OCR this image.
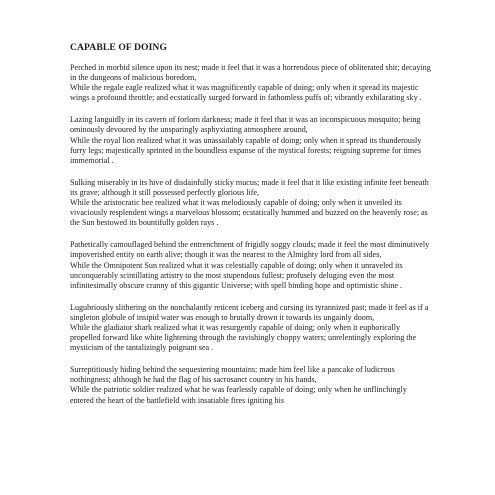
CAPABLE OF DOING

Perched in morbid silence upon its nest; made it feel that it was a horrendous piece of obliterated shit; decaying in the dungeons of malicious boredom,

While the regale eagle realized what it was magnificently capable of doing; only when it spread its majestic wings a profound throttle; and ecstatically surged forward in fathomless puffs of; vibrantly exhilarating sky .

Lazing languidly in its cavern of forlorn darkness; made it feel that it was an inconspicuous mosquito; being ominously devoured by the unsparingly asphyxiating atmosphere around,

While the royal lion realized what it was unassailably capable of doing; only when it spread its thunderously furry legs; majestically sprinted in the boundless expanse of the mystical forests; reigning supreme for times immemorial .

Sulking miserably in its hive of disdainfully sticky mucus; made it feel that it like existing infinite feet beneath its grave; although it still possessed perfectly glorious life,

While the aristocratic bee realized what it was melodiously capable of doing; only when it unveiled its vivaciously resplendent wings a marvelous blossom; ecstatically hummed and buzzed on the heavenly rose; as the Sun bestowed its bountifully golden rays .

Pathetically camouflaged behind the entrenchment of frigidly soggy clouds; made it feel the most diminutively impoverished entity on earth alive; though it was the nearest to the Almighty lord from all sides,

While the Omnipotent Sun realized what it was celestially capable of doing; only when it unraveled its unconquerably scintillating artistry to the most stupendous fullest; profusely deluging even the most infinitesimally obscure cranny of this gigantic Universe; with spell binding hope and optimistic shine .

Lugubriously slithering on the nonchalantly reticent iceberg and cursing its tyrannized past; made it feel as if a singleton globule of insipid water was enough to brutally drown it towards its ungainly doom,

While the gladiator shark realized what it was resurgently capable of doing; only when it euphorically propelled forward like white lightening through the ravishingly choppy waters; unrelentingly exploring the mysticism of the tantalizingly poignant sea .

Surreptitiously hiding behind the sequestering mountains; made him feel like a pancake of ludicrous nothingness; although he had the flag of his sacrosanct country in his hands,

While the patriotic soldier realized what he was fearlessly capable of doing; only when he unflinchingly entered the heart of the battlefield with insatiable fires igniting his
